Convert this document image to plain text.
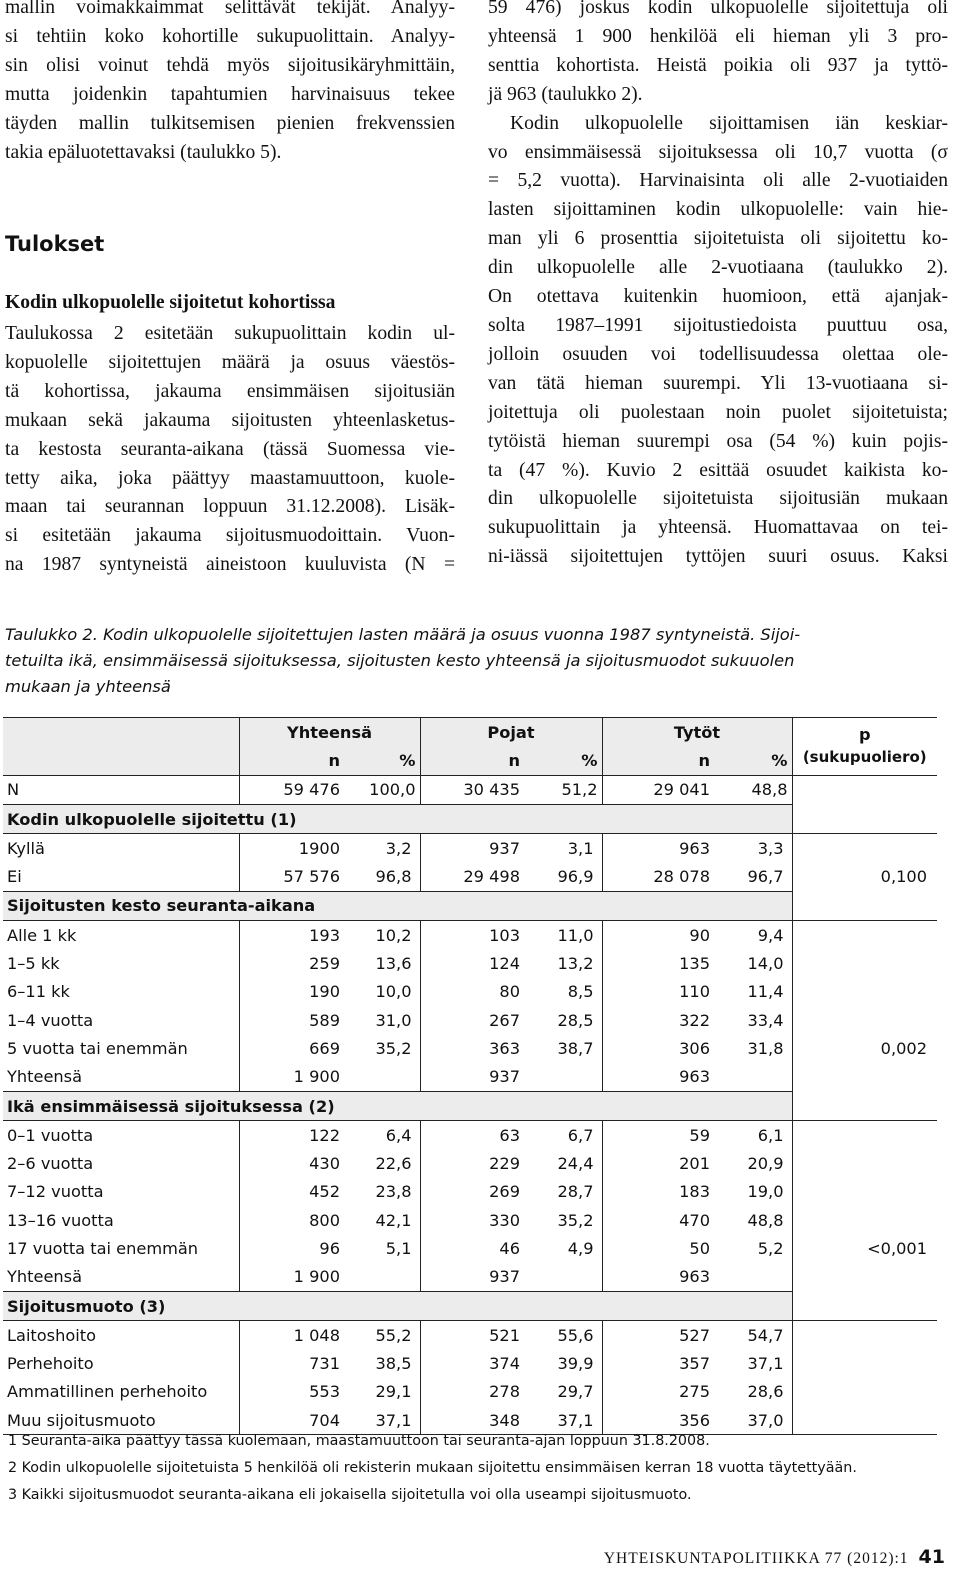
mallin voimakkaimmat selittävät tekijät. Analyy-
si tehtiin koko kohortille sukupuolittain. Analyy-
sin olisi voinut tehdä myös sijoitusikäryhmittäin,
mutta joidenkin tapahtumien harvinaisuus tekee
täyden mallin tulkitsemisen pienien frekvenssien
takia epäluotettavaksi (taulukko 5).
Tulokset
Kodin ulkopuolelle sijoitetut kohortissa
Taulukossa 2 esitetään sukupuolittain kodin ul-
kopuolelle sijoitettujen määrä ja osuus väestös-
tä kohortissa, jakauma ensimmäisen sijoitusiän
mukaan sekä jakauma sijoitusten yhteenlasketus-
ta kestosta seuranta-aikana (tässä Suomessa vie-
tetty aika, joka päättyy maastamuuttoon, kuole-
maan tai seurannan loppuun 31.12.2008). Lisäk-
si esitetään jakauma sijoitusmuodoittain. Vuon-
na 1987 syntyneistä aineistoon kuuluvista (N =
59 476) joskus kodin ulkopuolelle sijoitettuja oli
yhteensä 1 900 henkilöä eli hieman yli 3 pro-
senttia kohortista. Heistä poikia oli 937 ja tyttö-
jä 963 (taulukko 2).
Kodin ulkopuolelle sijoittamisen iän keskiar-
vo ensimmäisessä sijoituksessa oli 10,7 vuotta (σ
= 5,2 vuotta). Harvinaisinta oli alle 2-vuotiaiden
lasten sijoittaminen kodin ulkopuolelle: vain hie-
man yli 6 prosenttia sijoitetuista oli sijoitettu ko-
din ulkopuolelle alle 2-vuotiaana (taulukko 2).
On otettava kuitenkin huomioon, että ajanjak-
solta 1987–1991 sijoitustiedoista puuttuu osa,
jolloin osuuden voi todellisuudessa olettaa ole-
van tätä hieman suurempi. Yli 13-vuotiaana si-
joitettuja oli puolestaan noin puolet sijoitetuista;
tytöistä hieman suurempi osa (54 %) kuin pojis-
ta (47 %). Kuvio 2 esittää osuudet kaikista ko-
din ulkopuolelle sijoitetuista sijoitusiän mukaan
sukupuolittain ja yhteensä. Huomattavaa on tei-
ni-iässä sijoitettujen tyttöjen suuri osuus. Kaksi
Taulukko 2. Kodin ulkopuolelle sijoitettujen lasten määrä ja osuus vuonna 1987 syntyneistä. Sijoi-
tetuilta ikä, ensimmäisessä sijoituksessa, sijoitusten kesto yhteensä ja sijoitusmuodot sukuuolen
mukaan ja yhteensä
	Yhteensä		Pojat		Tytöt		p
(sukupuoliero)

	n	%	n	%	n	%	
N	59 476	100,0	30 435	51,2	29 041	48,8	
Kodin ulkopuolelle sijoitettu (1)							
Kyllä	1900	3,2	937	3,1	963	3,3	
Ei	57 576	96,8	29 498	96,9	28 078	96,7	0,100
Sijoitusten kesto seuranta-aikana							
Alle 1 kk	193	10,2	103	11,0	90	9,4	
1–5 kk	259	13,6	124	13,2	135	14,0	
6–11 kk	190	10,0	80	8,5	110	11,4	
1–4 vuotta	589	31,0	267	28,5	322	33,4	
5 vuotta tai enemmän	669	35,2	363	38,7	306	31,8	0,002
Yhteensä	1 900		937		963		
Ikä ensimmäisessä sijoituksessa (2)							
0–1 vuotta	122	6,4	63	6,7	59	6,1	
2–6 vuotta	430	22,6	229	24,4	201	20,9	
7–12 vuotta	452	23,8	269	28,7	183	19,0	
13–16 vuotta	800	42,1	330	35,2	470	48,8	
17 vuotta tai enemmän	96	5,1	46	4,9	50	5,2	<0,001
Yhteensä	1 900		937		963		
Sijoitusmuoto (3)							
Laitoshoito	1 048	55,2	521	55,6	527	54,7	
Perhehoito	731	38,5	374	39,9	357	37,1	
Ammatillinen perhehoito	553	29,1	278	29,7	275	28,6	
Muu sijoitusmuoto	704	37,1	348	37,1	356	37,0	
1 Seuranta-aika päättyy tässä kuolemaan, maastamuuttoon tai seuranta-ajan loppuun 31.8.2008.
2 Kodin ulkopuolelle sijoitetuista 5 henkilöä oli rekisterin mukaan sijoitettu ensimmäisen kerran 18 vuotta täytettyään.
3 Kaikki sijoitusmuodot seuranta-aikana eli jokaisella sijoitetulla voi olla useampi sijoitusmuoto.
YHTEISKUNTAPOLITIIKKA 77 (2012):1 41
